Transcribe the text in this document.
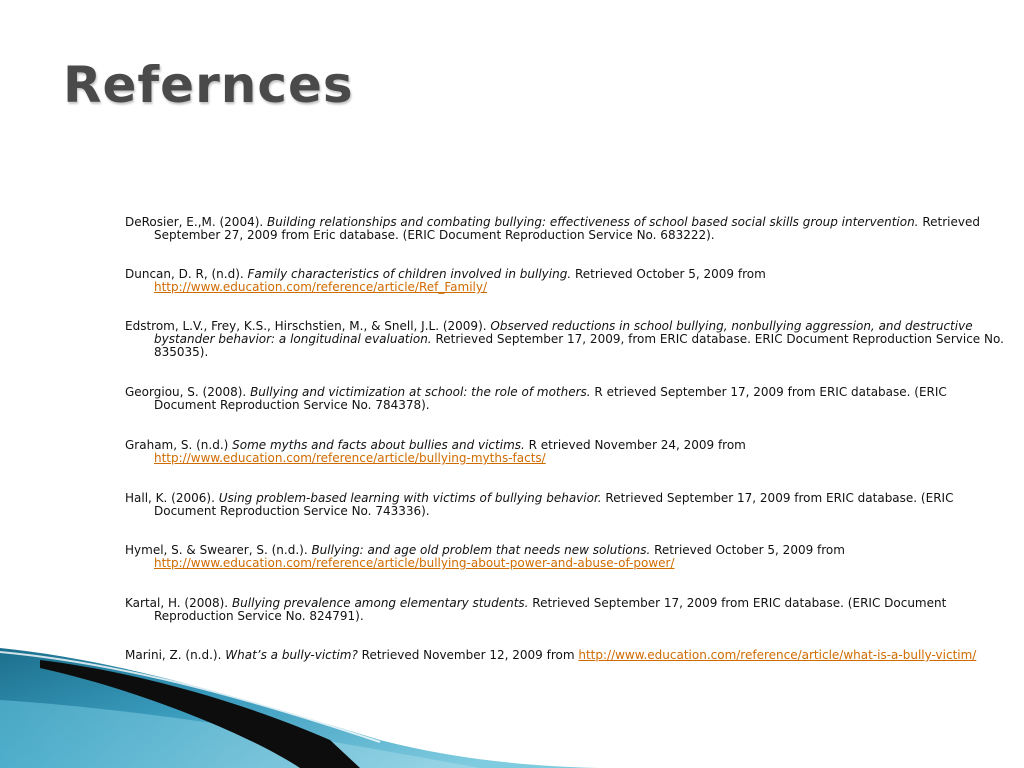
Refernces

DeRosier, E.,M. (2004). Building relationships and combating bullying: effectiveness of school based social skills group intervention. Retrieved September 27, 2009 from Eric database. (ERIC Document Reproduction Service No. 683222).

Duncan, D. R, (n.d). Family characteristics of children involved in bullying. Retrieved October 5, 2009 from http://www.education.com/reference/article/Ref_Family/

Edstrom, L.V., Frey, K.S., Hirschstien, M., & Snell, J.L. (2009). Observed reductions in school bullying, nonbullying aggression, and destructive bystander behavior: a longitudinal evaluation. Retrieved September 17, 2009, from ERIC database. ERIC Document Reproduction Service No. 835035).

Georgiou, S. (2008). Bullying and victimization at school: the role of mothers. R etrieved September 17, 2009 from ERIC database. (ERIC Document Reproduction Service No. 784378).

Graham, S. (n.d.) Some myths and facts about bullies and victims. R etrieved November 24, 2009 from http://www.education.com/reference/article/bullying-myths-facts/

Hall, K. (2006). Using problem-based learning with victims of bullying behavior. Retrieved September 17, 2009 from ERIC database. (ERIC Document Reproduction Service No. 743336).

Hymel, S. & Swearer, S. (n.d.). Bullying: and age old problem that needs new solutions. Retrieved October 5, 2009 from http://www.education.com/reference/article/bullying-about-power-and-abuse-of-power/

Kartal, H. (2008). Bullying prevalence among elementary students. Retrieved September 17, 2009 from ERIC database. (ERIC Document Reproduction Service No. 824791).

Marini, Z. (n.d.). What’s a bully-victim? Retrieved November 12, 2009 from http://www.education.com/reference/article/what-is-a-bully-victim/
